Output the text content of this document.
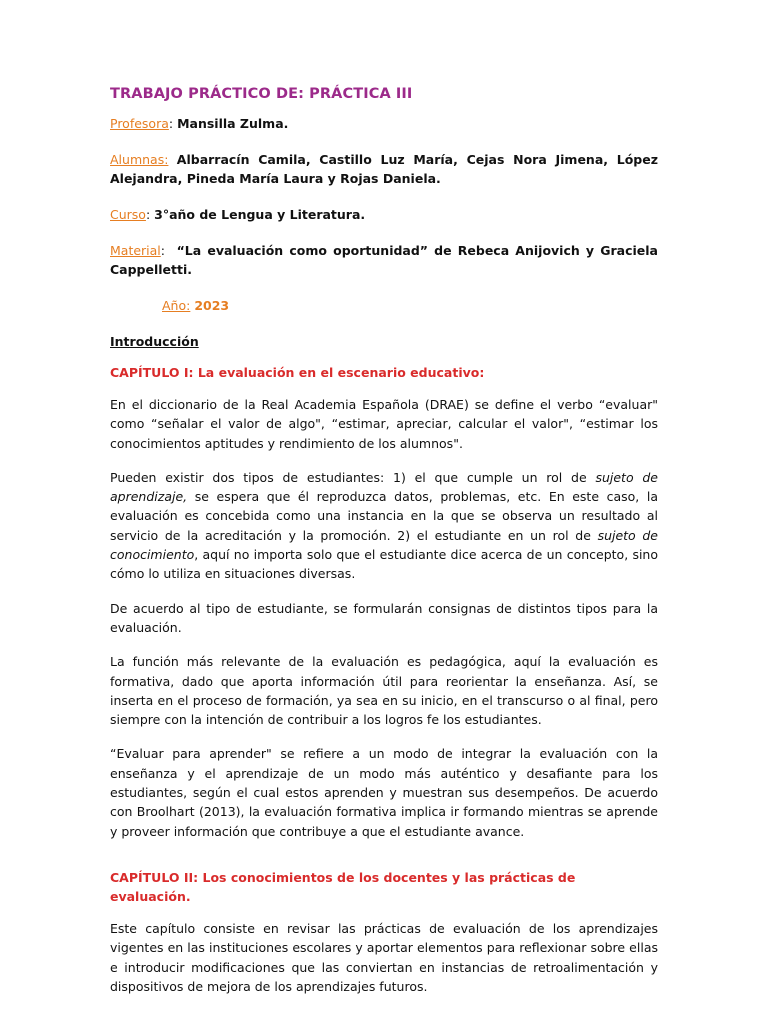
TRABAJO PRÁCTICO DE: PRÁCTICA III

Profesora: Mansilla Zulma.

Alumnas: Albarracín Camila, Castillo Luz María, Cejas Nora Jimena, López Alejandra, Pineda María Laura y Rojas Daniela.

Curso: 3°año de Lengua y Literatura.

Material:  “La evaluación como oportunidad” de Rebeca Anijovich y Graciela Cappelletti.

Año: 2023

Introducción
CAPÍTULO I: La evaluación en el escenario educativo:

En el diccionario de la Real Academia Española (DRAE) se define el verbo “evaluar" como “señalar el valor de algo", “estimar, apreciar, calcular el valor", “estimar los conocimientos aptitudes y rendimiento de los alumnos".

Pueden existir dos tipos de estudiantes: 1) el que cumple un rol de sujeto de aprendizaje, se espera que él reproduzca datos, problemas, etc. En este caso, la evaluación es concebida como una instancia en la que se observa un resultado al servicio de la acreditación y la promoción. 2) el estudiante en un rol de sujeto de conocimiento, aquí no importa solo que el estudiante dice acerca de un concepto, sino cómo lo utiliza en situaciones diversas.

De acuerdo al tipo de estudiante, se formularán consignas de distintos tipos para la evaluación.

La función más relevante de la evaluación es pedagógica, aquí la evaluación es formativa, dado que aporta información útil para reorientar la enseñanza. Así, se inserta en el proceso de formación, ya sea en su inicio, en el transcurso o al final, pero siempre con la intención de contribuir a los logros fe los estudiantes.

“Evaluar para aprender" se refiere a un modo de integrar la evaluación con la enseñanza y el aprendizaje de un modo más auténtico y desafiante para los estudiantes, según el cual estos aprenden y muestran sus desempeños. De acuerdo con Broolhart (2013), la evaluación formativa implica ir formando mientras se aprende y proveer información que contribuye a que el estudiante avance.

CAPÍTULO II: Los conocimientos de los docentes y las prácticas de evaluación.

Este capítulo consiste en revisar las prácticas de evaluación de los aprendizajes vigentes en las instituciones escolares y aportar elementos para reflexionar sobre ellas e introducir modificaciones que las conviertan en instancias de retroalimentación y dispositivos de mejora de los aprendizajes futuros.
